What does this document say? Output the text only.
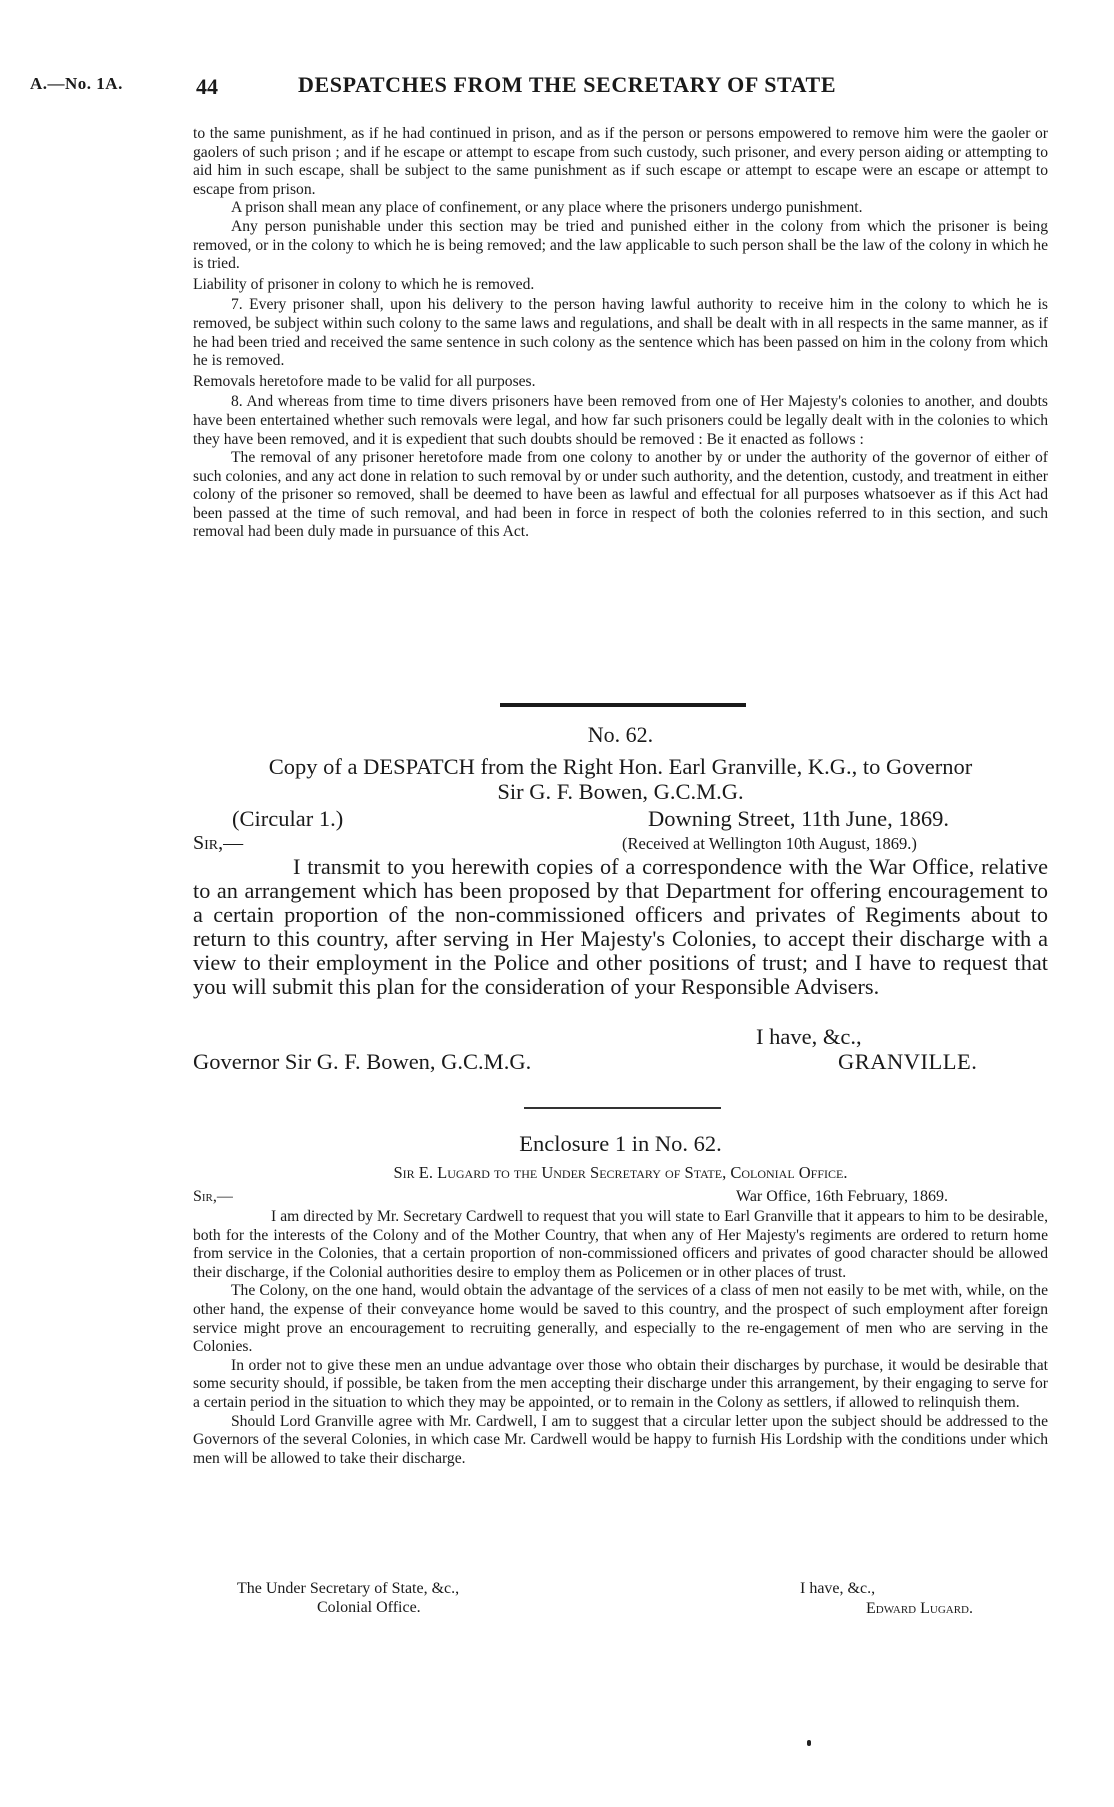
A.—No. 1A.	44	DESPATCHES FROM THE SECRETARY OF STATE

to the same punishment, as if he had continued in prison, and as if the person or persons empowered to remove him were the gaoler or gaolers of such prison ; and if he escape or attempt to escape from such custody, such prisoner, and every person aiding or attempting to aid him in such escape, shall be subject to the same punishment as if such escape or attempt to escape were an escape or attempt to escape from prison.

A prison shall mean any place of confinement, or any place where the prisoners undergo punishment.

Any person punishable under this section may be tried and punished either in the colony from which the prisoner is being removed, or in the colony to which he is being removed; and the law applicable to such person shall be the law of the colony in which he is tried.

Liability of prisoner in colony to which he is removed.

7. Every prisoner shall, upon his delivery to the person having lawful authority to receive him in the colony to which he is removed, be subject within such colony to the same laws and regulations, and shall be dealt with in all respects in the same manner, as if he had been tried and received the same sentence in such colony as the sentence which has been passed on him in the colony from which he is removed.

Removals heretofore made to be valid for all purposes.

8. And whereas from time to time divers prisoners have been removed from one of Her Majesty's colonies to another, and doubts have been entertained whether such removals were legal, and how far such prisoners could be legally dealt with in the colonies to which they have been removed, and it is expedient that such doubts should be removed : Be it enacted as follows :

The removal of any prisoner heretofore made from one colony to another by or under the authority of the governor of either of such colonies, and any act done in relation to such removal by or under such authority, and the detention, custody, and treatment in either colony of the prisoner so removed, shall be deemed to have been as lawful and effectual for all purposes whatsoever as if this Act had been passed at the time of such removal, and had been in force in respect of both the colonies referred to in this section, and such removal had been duly made in pursuance of this Act.

No. 62.
Copy of a DESPATCH from the Right Hon. Earl Granville, K.G., to Governor
Sir G. F. Bowen, G.C.M.G.
(Circular 1.)	Downing Street, 11th June, 1869.
Sir,—	(Received at Wellington 10th August, 1869.)

I transmit to you herewith copies of a correspondence with the War Office, relative to an arrangement which has been proposed by that Department for offering encouragement to a certain proportion of the non-commissioned officers and privates of Regiments about to return to this country, after serving in Her Majesty's Colonies, to accept their discharge with a view to their employment in the Police and other positions of trust; and I have to request that you will submit this plan for the consideration of your Responsible Advisers.

I have, &c.,
Governor Sir G. F. Bowen, G.C.M.G.	GRANVILLE.
Enclosure 1 in No. 62.
Sir E. Lugard to the Under Secretary of State, Colonial Office.
Sir,—	War Office, 16th February, 1869.

I am directed by Mr. Secretary Cardwell to request that you will state to Earl Granville that it appears to him to be desirable, both for the interests of the Colony and of the Mother Country, that when any of Her Majesty's regiments are ordered to return home from service in the Colonies, that a certain proportion of non-commissioned officers and privates of good character should be allowed their discharge, if the Colonial authorities desire to employ them as Policemen or in other places of trust.

The Colony, on the one hand, would obtain the advantage of the services of a class of men not easily to be met with, while, on the other hand, the expense of their conveyance home would be saved to this country, and the prospect of such employment after foreign service might prove an encouragement to recruiting generally, and especially to the re-engagement of men who are serving in the Colonies.

In order not to give these men an undue advantage over those who obtain their discharges by purchase, it would be desirable that some security should, if possible, be taken from the men accepting their discharge under this arrangement, by their engaging to serve for a certain period in the situation to which they may be appointed, or to remain in the Colony as settlers, if allowed to relinquish them.

Should Lord Granville agree with Mr. Cardwell, I am to suggest that a circular letter upon the subject should be addressed to the Governors of the several Colonies, in which case Mr. Cardwell would be happy to furnish His Lordship with the conditions under which men will be allowed to take their discharge.

The Under Secretary of State, &c.,
Colonial Office.
I have, &c.,
Edward Lugard.
